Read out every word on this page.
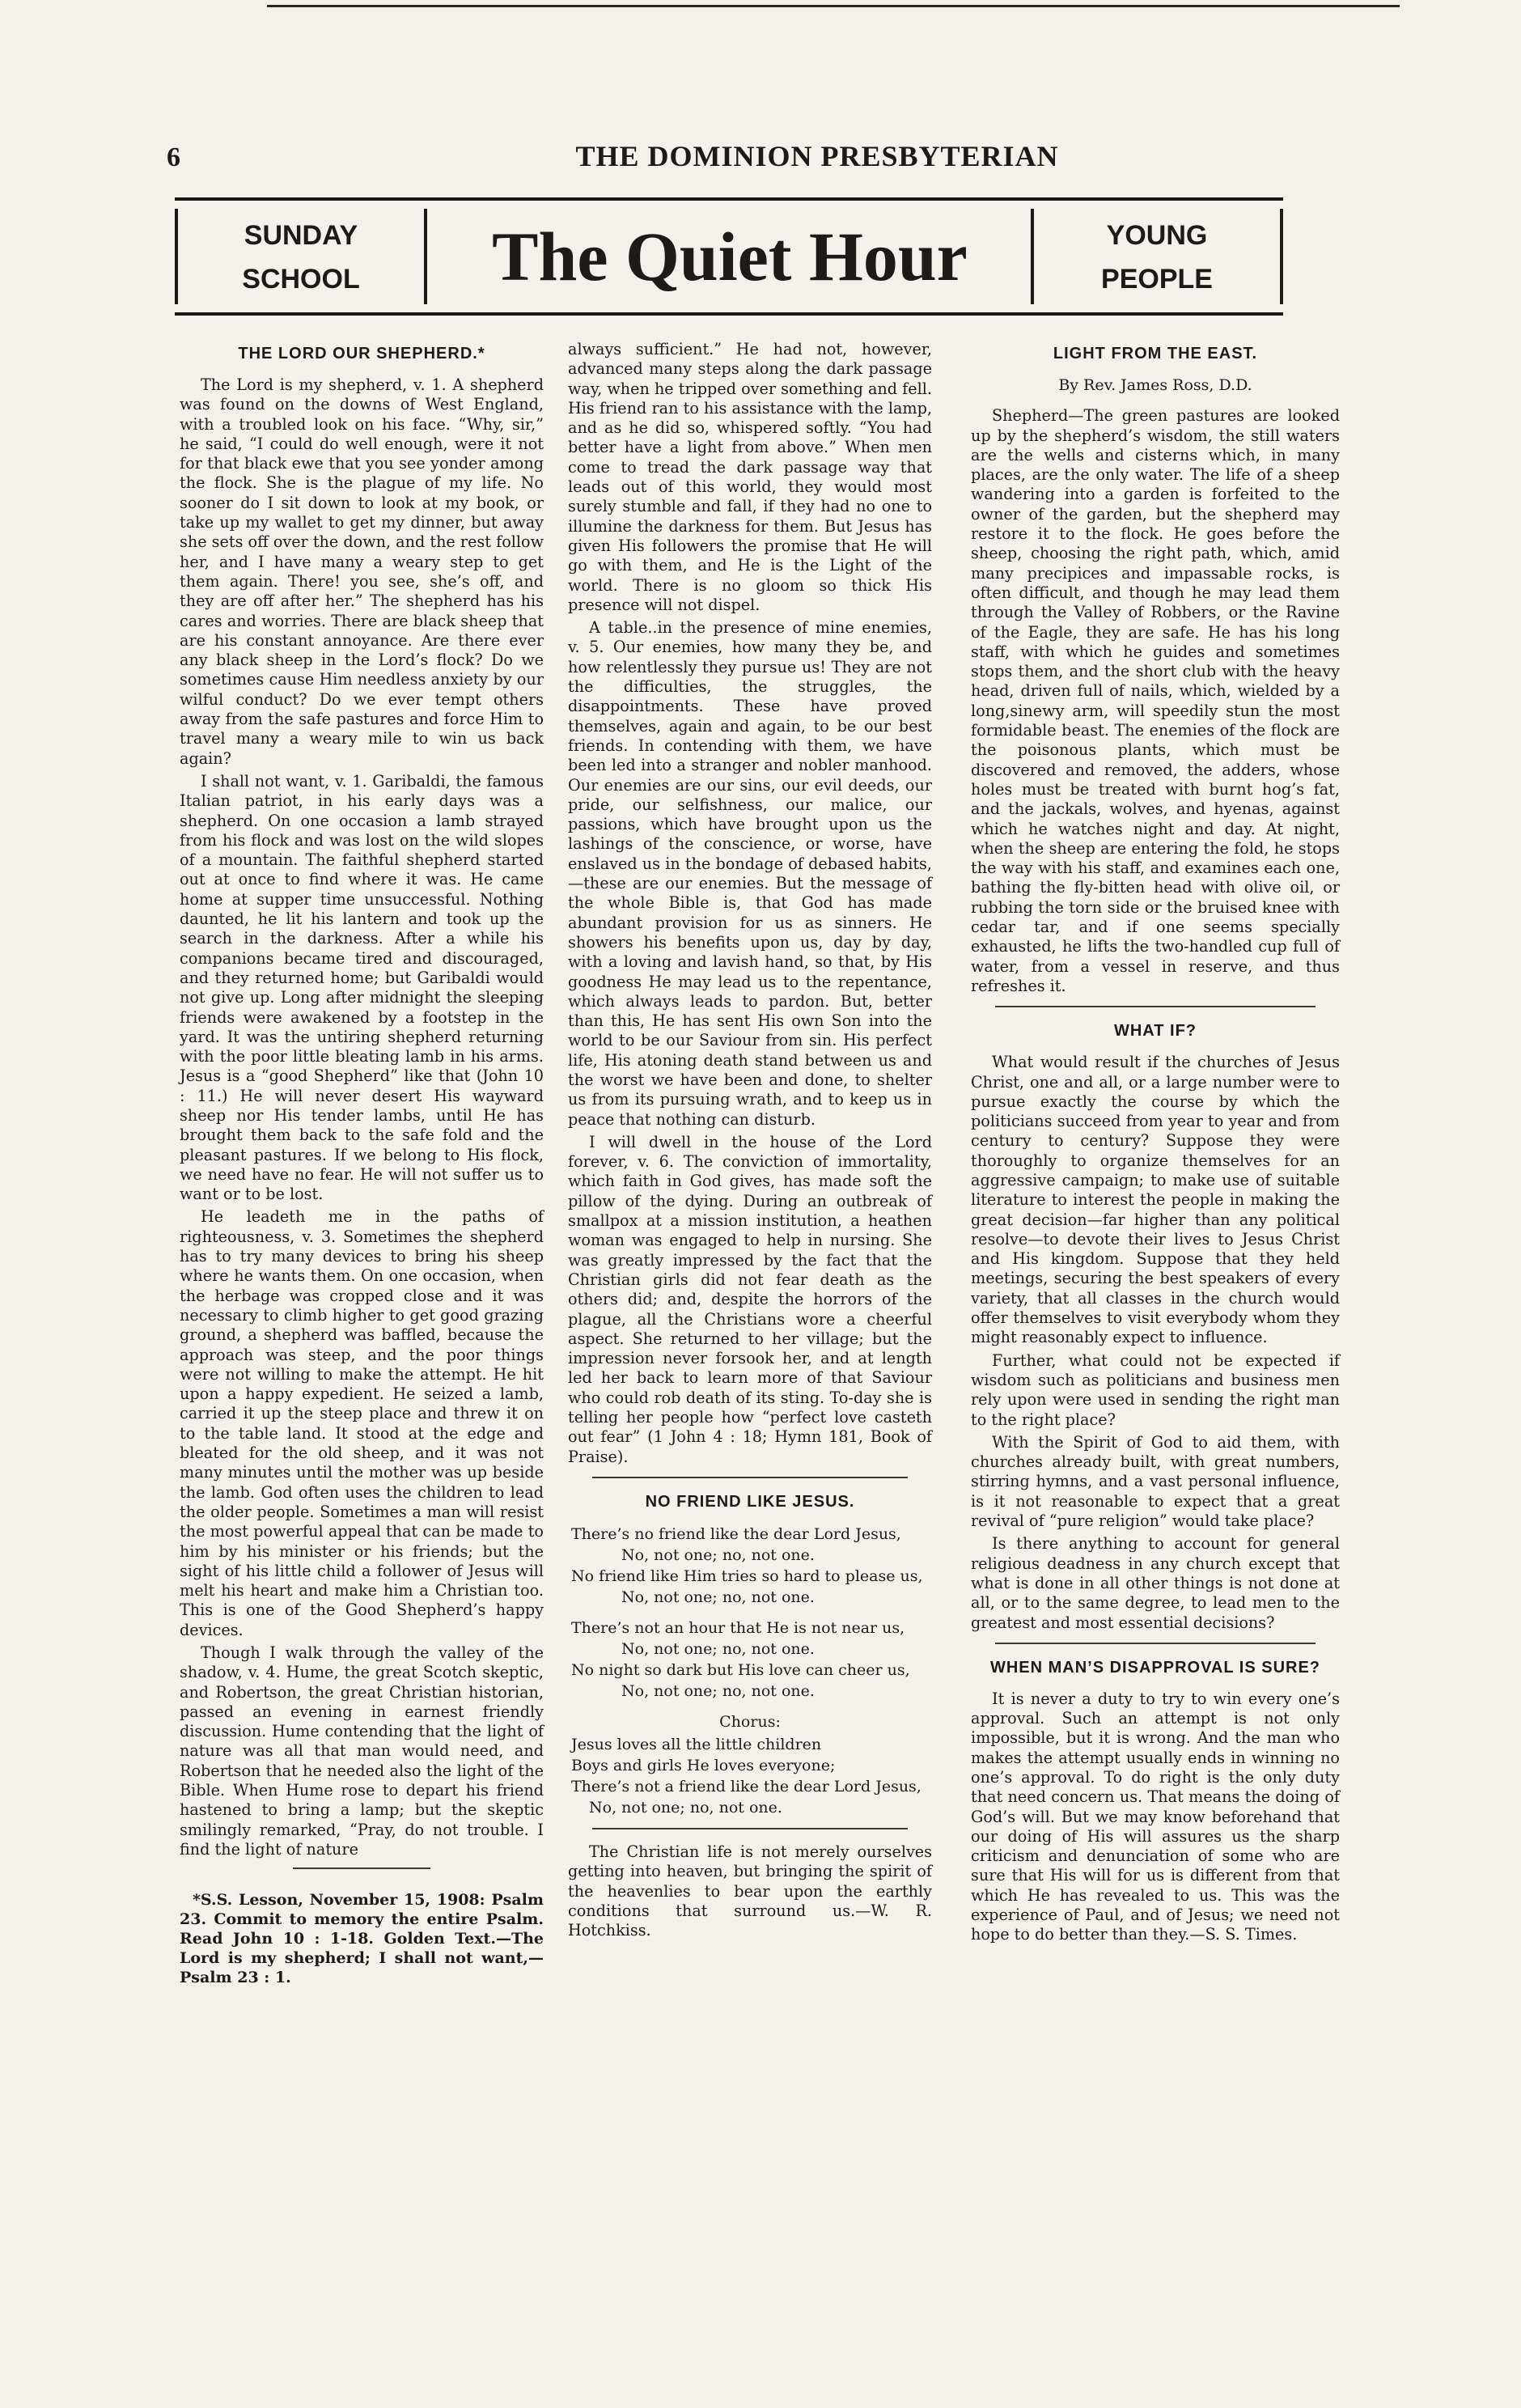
6	THE DOMINION PRESBYTERIAN
SUNDAY
SCHOOL	The Quiet Hour	YOUNG
PEOPLE
THE LORD OUR SHEPHERD.*

The Lord is my shepherd, v. 1. A shepherd was found on the downs of West England, with a troubled look on his face. “Why, sir,” he said, “I could do well enough, were it not for that black ewe that you see yonder among the flock. She is the plague of my life. No sooner do I sit down to look at my book, or take up my wallet to get my dinner, but away she sets off over the down, and the rest follow her, and I have many a weary step to get them again. There! you see, she’s off, and they are off after her.” The shepherd has his cares and worries. There are black sheep that are his constant annoyance. Are there ever any black sheep in the Lord’s flock? Do we sometimes cause Him needless anxiety by our wilful conduct? Do we ever tempt others away from the safe pastures and force Him to travel many a weary mile to win us back again?

I shall not want, v. 1. Garibaldi, the famous Italian patriot, in his early days was a shepherd. On one occasion a lamb strayed from his flock and was lost on the wild slopes of a mountain. The faithful shepherd started out at once to find where it was. He came home at supper time unsuccessful. Nothing daunted, he lit his lantern and took up the search in the darkness. After a while his companions became tired and discouraged, and they returned home; but Garibaldi would not give up. Long after midnight the sleeping friends were awakened by a footstep in the yard. It was the untiring shepherd returning with the poor little bleating lamb in his arms. Jesus is a “good Shepherd” like that (John 10 : 11.) He will never desert His wayward sheep nor His tender lambs, until He has brought them back to the safe fold and the pleasant pastures. If we belong to His flock, we need have no fear. He will not suffer us to want or to be lost.

He leadeth me in the paths of righteousness, v. 3. Sometimes the shepherd has to try many devices to bring his sheep where he wants them. On one occasion, when the herbage was cropped close and it was necessary to climb higher to get good grazing ground, a shepherd was baffled, because the approach was steep, and the poor things were not willing to make the attempt. He hit upon a happy expedient. He seized a lamb, carried it up the steep place and threw it on to the table land. It stood at the edge and bleated for the old sheep, and it was not many minutes until the mother was up beside the lamb. God often uses the children to lead the older people. Sometimes a man will resist the most powerful appeal that can be made to him by his minister or his friends; but the sight of his little child a follower of Jesus will melt his heart and make him a Christian too. This is one of the Good Shepherd’s happy devices.

Though I walk through the valley of the shadow, v. 4. Hume, the great Scotch skeptic, and Robertson, the great Christian historian, passed an evening in earnest friendly discussion. Hume contending that the light of nature was all that man would need, and Robertson that he needed also the light of the Bible. When Hume rose to depart his friend hastened to bring a lamp; but the skeptic smilingly remarked, “Pray, do not trouble. I find the light of nature

*S.S. Lesson, November 15, 1908: Psalm 23. Commit to memory the entire Psalm. Read John 10 : 1-18. Golden Text.—The Lord is my shepherd; I shall not want,—Psalm 23 : 1.

always sufficient.” He had not, however, advanced many steps along the dark passage way, when he tripped over something and fell. His friend ran to his assistance with the lamp, and as he did so, whispered softly. “You had better have a light from above.” When men come to tread the dark passage way that leads out of this world, they would most surely stumble and fall, if they had no one to illumine the darkness for them. But Jesus has given His followers the promise that He will go with them, and He is the Light of the world. There is no gloom so thick His presence will not dispel.

A table..in the presence of mine enemies, v. 5. Our enemies, how many they be, and how relentlessly they pursue us! They are not the difficulties, the struggles, the disappointments. These have proved themselves, again and again, to be our best friends. In contending with them, we have been led into a stranger and nobler manhood. Our enemies are our sins, our evil deeds, our pride, our selfishness, our malice, our passions, which have brought upon us the lashings of the conscience, or worse, have enslaved us in the bondage of debased habits,—these are our enemies. But the message of the whole Bible is, that God has made abundant provision for us as sinners. He showers his benefits upon us, day by day, with a loving and lavish hand, so that, by His goodness He may lead us to the repentance, which always leads to pardon. But, better than this, He has sent His own Son into the world to be our Saviour from sin. His perfect life, His atoning death stand between us and the worst we have been and done, to shelter us from its pursuing wrath, and to keep us in peace that nothing can disturb.

I will dwell in the house of the Lord forever, v. 6. The conviction of immortality, which faith in God gives, has made soft the pillow of the dying. During an outbreak of smallpox at a mission institution, a heathen woman was engaged to help in nursing. She was greatly impressed by the fact that the Christian girls did not fear death as the others did; and, despite the horrors of the plague, all the Christians wore a cheerful aspect. She returned to her village; but the impression never forsook her, and at length led her back to learn more of that Saviour who could rob death of its sting. To-day she is telling her people how “perfect love casteth out fear” (1 John 4 : 18; Hymn 181, Book of Praise).

NO FRIEND LIKE JESUS.
There’s no friend like the dear Lord Jesus,
No, not one; no, not one.
No friend like Him tries so hard to please us,
No, not one; no, not one.
There’s not an hour that He is not near us,
No, not one; no, not one.
No night so dark but His love can cheer us,
No, not one; no, not one.
Chorus:
Jesus loves all the little children
Boys and girls He loves everyone;
There’s not a friend like the dear Lord Jesus,
No, not one; no, not one.

The Christian life is not merely ourselves getting into heaven, but bringing the spirit of the heavenlies to bear upon the earthly conditions that surround us.—W. R. Hotchkiss.

LIGHT FROM THE EAST.
By Rev. James Ross, D.D.

Shepherd—The green pastures are looked up by the shepherd’s wisdom, the still waters are the wells and cisterns which, in many places, are the only water. The life of a sheep wandering into a garden is forfeited to the owner of the garden, but the shepherd may restore it to the flock. He goes before the sheep, choosing the right path, which, amid many precipices and impassable rocks, is often difficult, and though he may lead them through the Valley of Robbers, or the Ravine of the Eagle, they are safe. He has his long staff, with which he guides and sometimes stops them, and the short club with the heavy head, driven full of nails, which, wielded by a long,sinewy arm, will speedily stun the most formidable beast. The enemies of the flock are the poisonous plants, which must be discovered and removed, the adders, whose holes must be treated with burnt hog’s fat, and the jackals, wolves, and hyenas, against which he watches night and day. At night, when the sheep are entering the fold, he stops the way with his staff, and examines each one, bathing the fly-bitten head with olive oil, or rubbing the torn side or the bruised knee with cedar tar, and if one seems specially exhausted, he lifts the two-handled cup full of water, from a vessel in reserve, and thus refreshes it.

WHAT IF?

What would result if the churches of Jesus Christ, one and all, or a large number were to pursue exactly the course by which the politicians succeed from year to year and from century to century? Suppose they were thoroughly to organize themselves for an aggressive campaign; to make use of suitable literature to interest the people in making the great decision—far higher than any political resolve—to devote their lives to Jesus Christ and His kingdom. Suppose that they held meetings, securing the best speakers of every variety, that all classes in the church would offer themselves to visit everybody whom they might reasonably expect to influence.

Further, what could not be expected if wisdom such as politicians and business men rely upon were used in sending the right man to the right place?

With the Spirit of God to aid them, with churches already built, with great numbers, stirring hymns, and a vast personal influence, is it not reasonable to expect that a great revival of “pure religion” would take place?

Is there anything to account for general religious deadness in any church except that what is done in all other things is not done at all, or to the same degree, to lead men to the greatest and most essential decisions?

WHEN MAN’S DISAPPROVAL IS SURE?

It is never a duty to try to win every one’s approval. Such an attempt is not only impossible, but it is wrong. And the man who makes the attempt usually ends in winning no one’s approval. To do right is the only duty that need concern us. That means the doing of God’s will. But we may know beforehand that our doing of His will assures us the sharp criticism and denunciation of some who are sure that His will for us is different from that which He has revealed to us. This was the experience of Paul, and of Jesus; we need not hope to do better than they.—S. S. Times.
